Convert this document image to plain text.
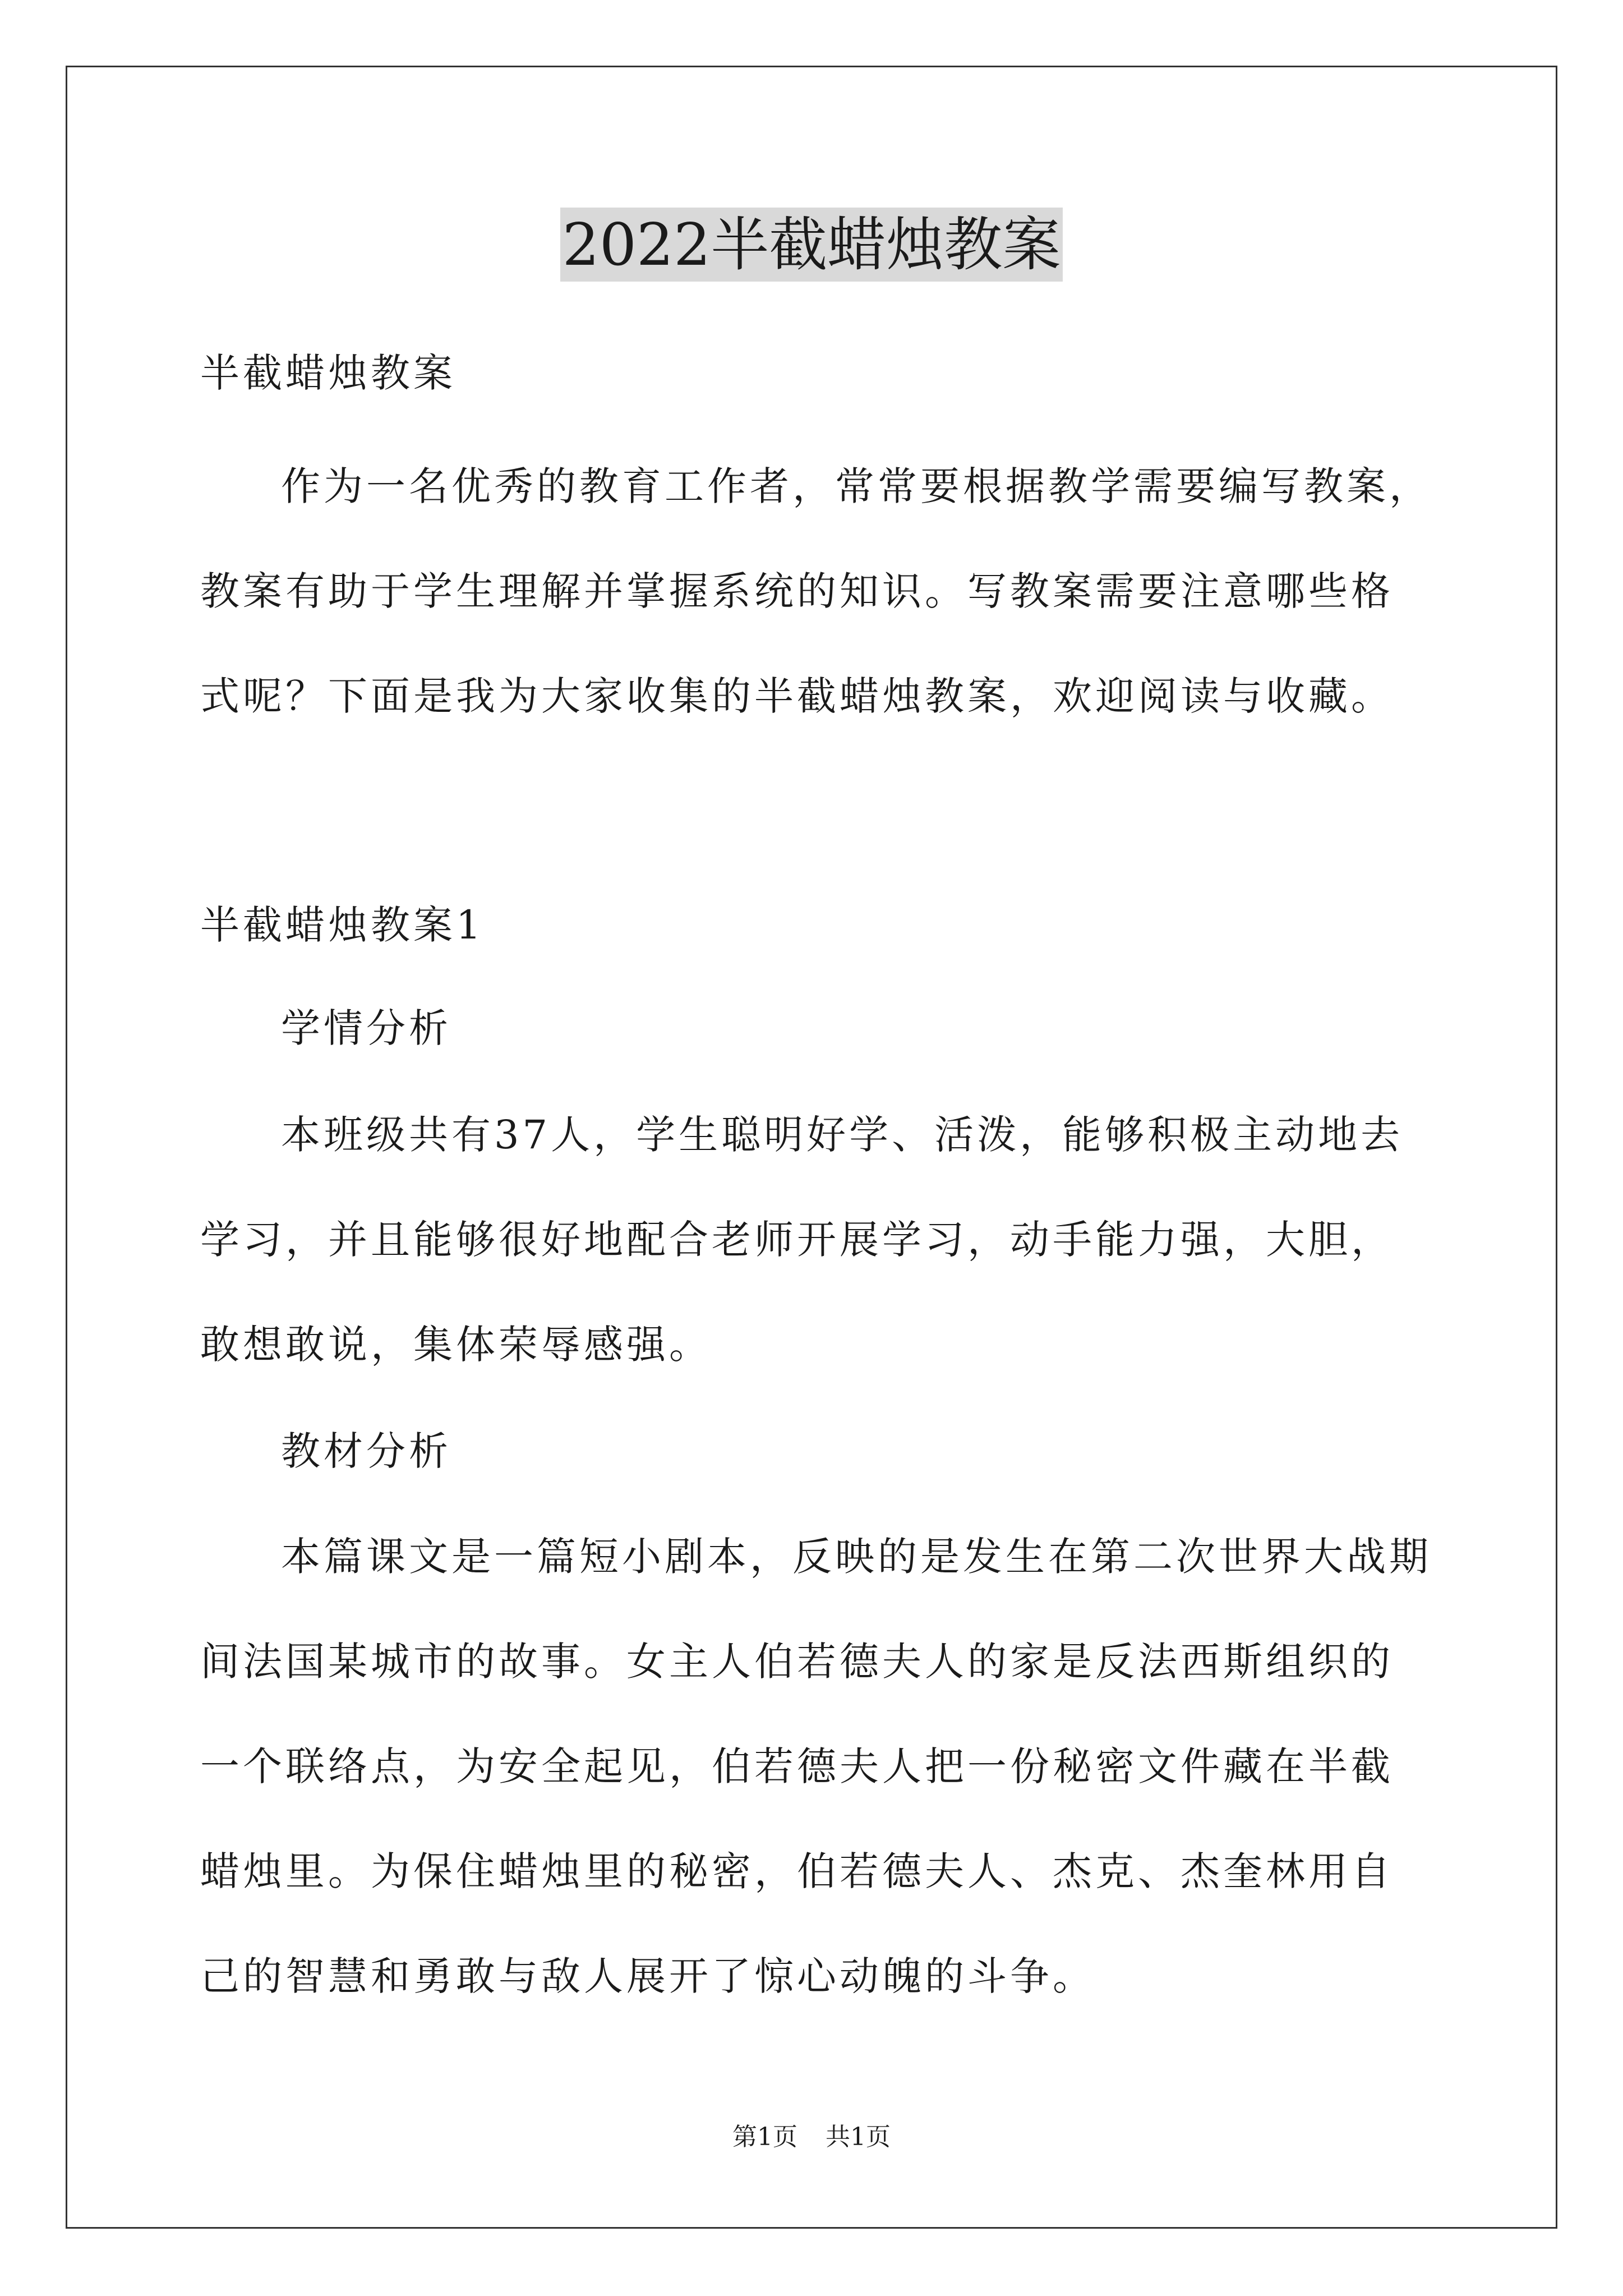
2022半截蜡烛教案

半截蜡烛教案

作为一名优秀的教育工作者，常常要根据教学需要编写教案，教案有助于学生理解并掌握系统的知识。写教案需要注意哪些格式呢？下面是我为大家收集的半截蜡烛教案，欢迎阅读与收藏。

半截蜡烛教案1

学情分析

本班级共有37人，学生聪明好学、活泼，能够积极主动地去学习，并且能够很好地配合老师开展学习，动手能力强，大胆，敢想敢说，集体荣辱感强。

教材分析

本篇课文是一篇短小剧本，反映的是发生在第二次世界大战期间法国某城市的故事。女主人伯若德夫人的家是反法西斯组织的一个联络点，为安全起见，伯若德夫人把一份秘密文件藏在半截蜡烛里。为保住蜡烛里的秘密，伯若德夫人、杰克、杰奎林用自己的智慧和勇敢与敌人展开了惊心动魄的斗争。

第1页 共1页
